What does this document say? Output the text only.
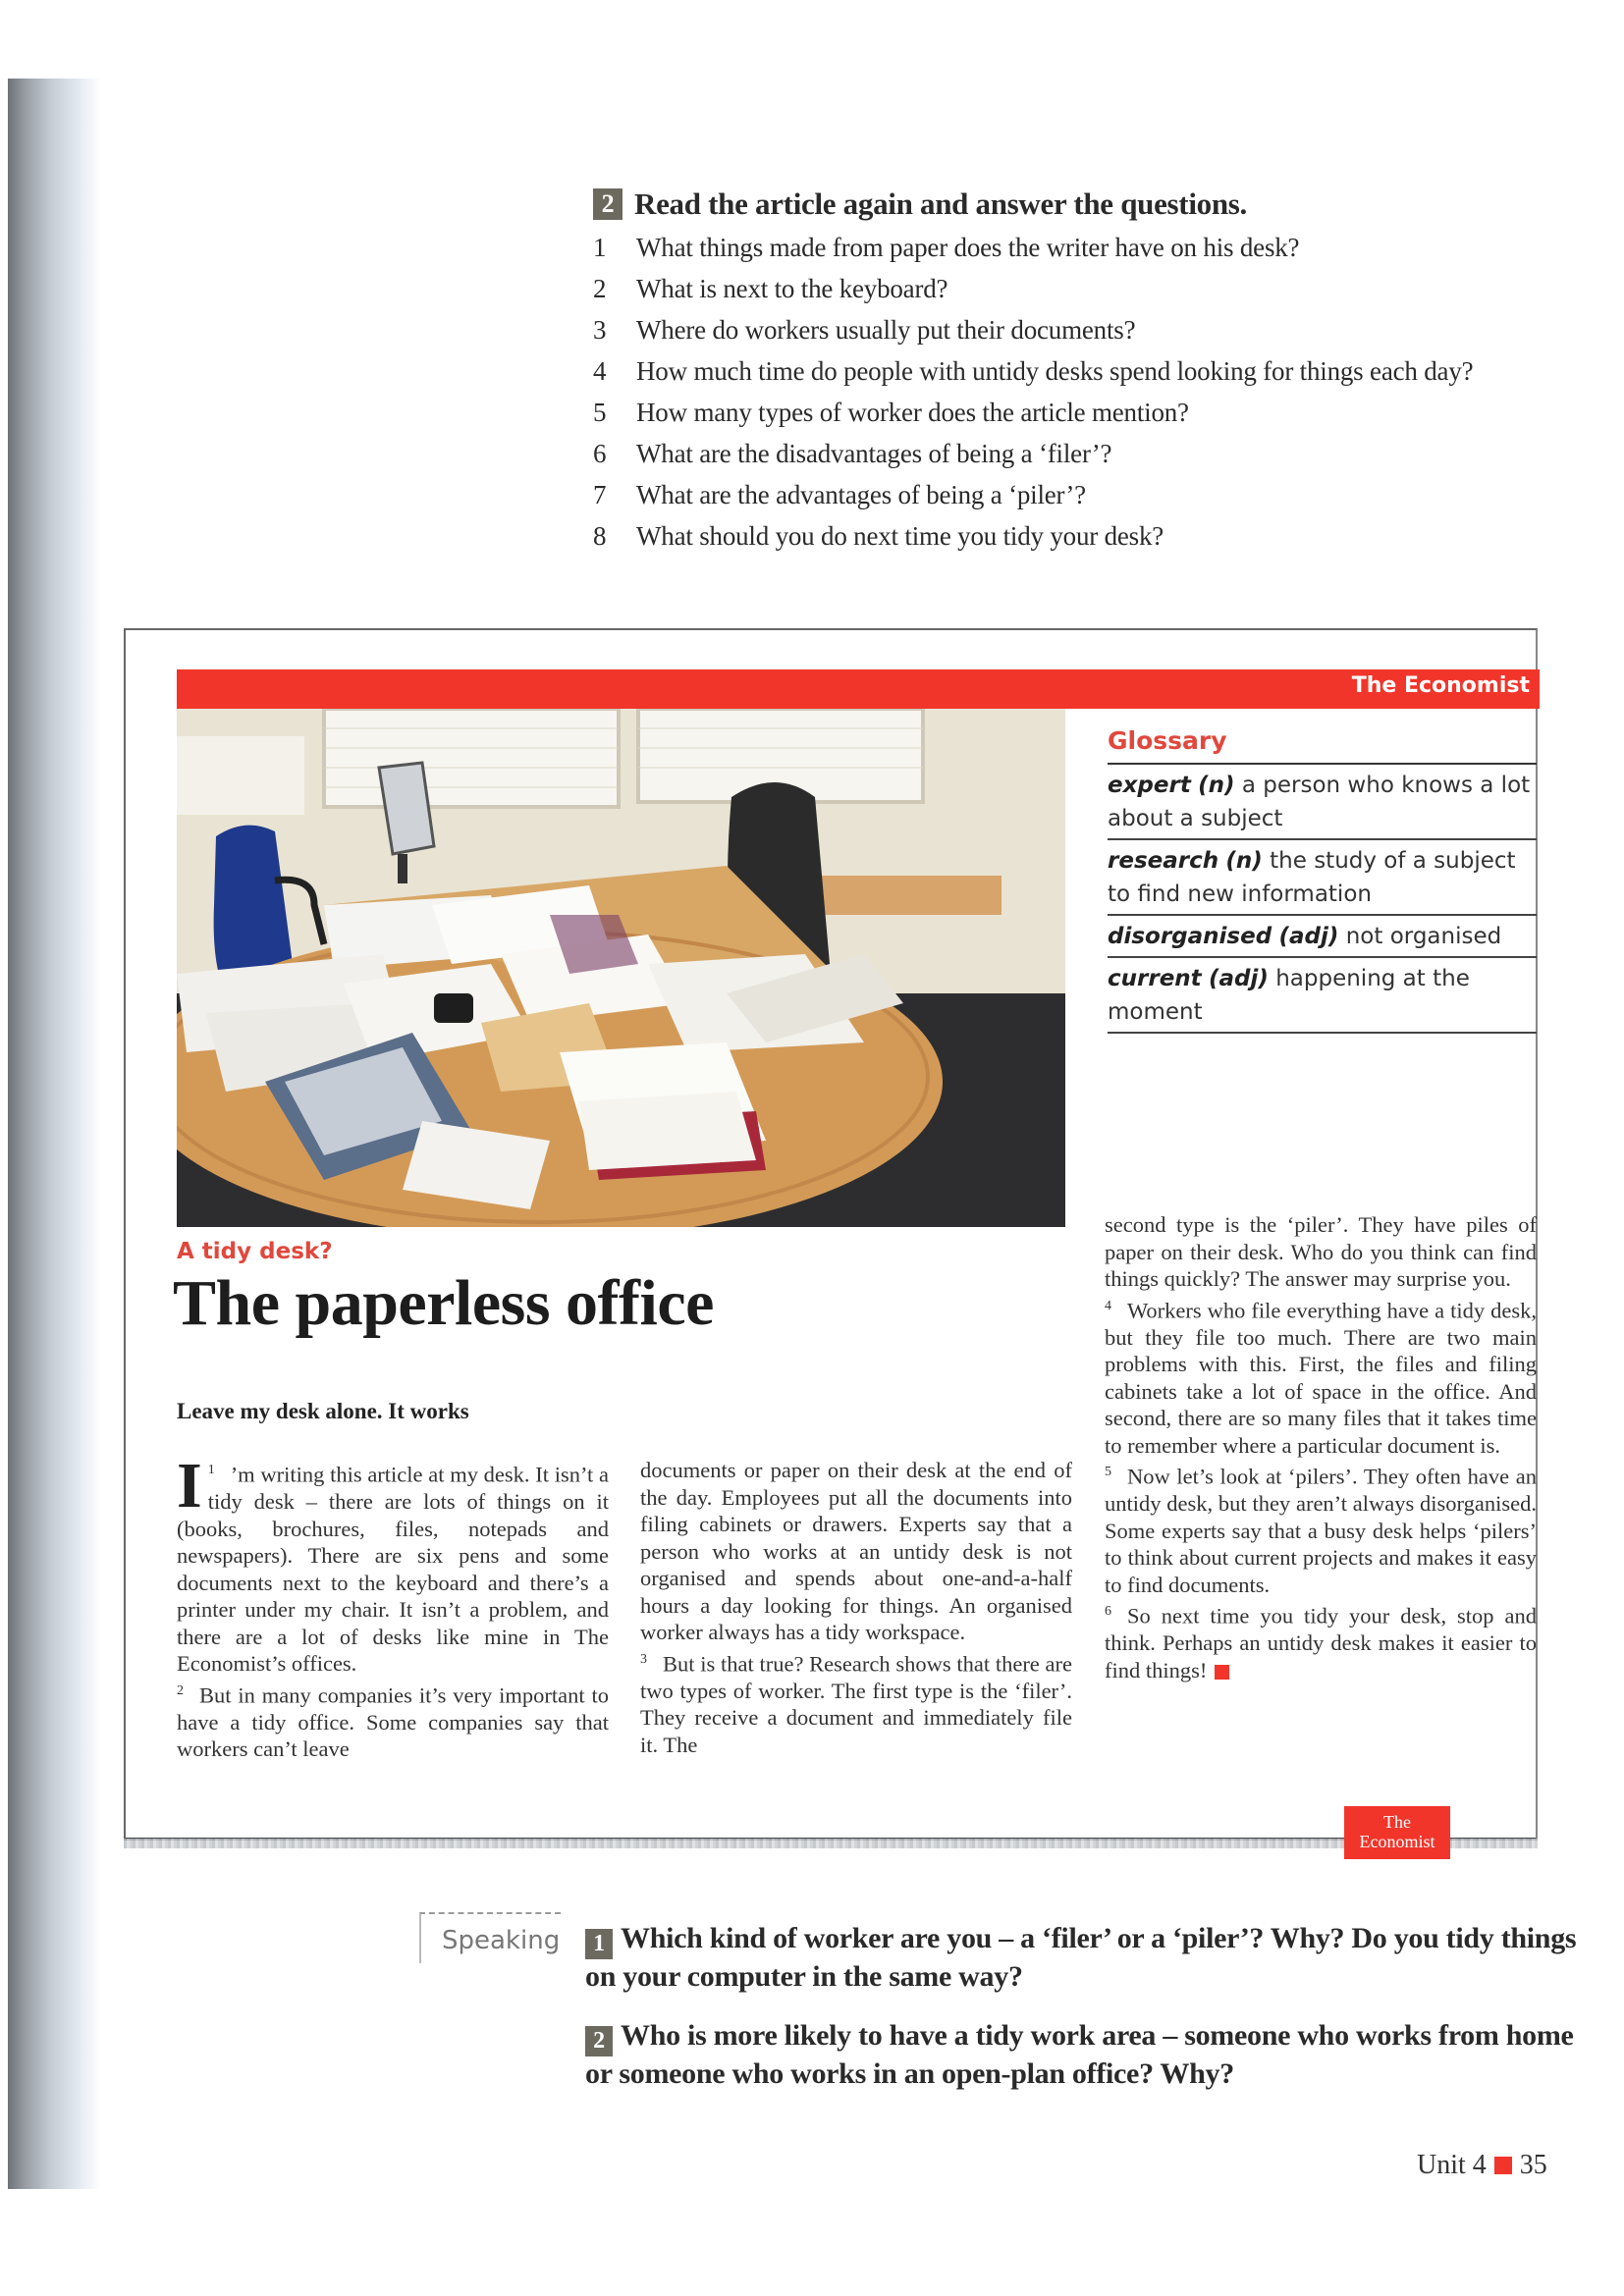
2 Read the article again and answer the questions.
1	What things made from paper does the writer have on his desk?
2	What is next to the keyboard?
3	Where do workers usually put their documents?
4	How much time do people with untidy desks spend looking for things each day?
5	How many types of worker does the article mention?
6	What are the disadvantages of being a ‘filer’?
7	What are the advantages of being a ‘piler’?
8	What should you do next time you tidy your desk?
The Economist
Glossary
expert (n) a person who knows a lot about a subject
research (n) the study of a subject to find new information
disorganised (adj) not organised
current (adj) happening at the moment
A tidy desk?
The paperless office
Leave my desk alone. It works

$^1$
I ’m writing this article at my desk. It isn’t a tidy desk – there are lots of things on it (books, brochures, files, notepads and newspapers). There are six pens and some documents next to the keyboard and there’s a printer under my chair. It isn’t a problem, and there are a lot of desks like mine in The Economist’s offices.

$^2$ But in many companies it’s very important to have a tidy office. Some companies say that workers can’t leave

documents or paper on their desk at the end of the day. Employees put all the documents into filing cabinets or drawers. Experts say that a person who works at an untidy desk is not organised and spends about one-and-a-half hours a day looking for things. An organised worker always has a tidy workspace.

$^3$ But is that true? Research shows that there are two types of worker. The first type is the ‘filer’. They receive a document and immediately file it. The

second type is the ‘piler’. They have piles of paper on their desk. Who do you think can find things quickly? The answer may surprise you.

$^4$ Workers who file everything have a tidy desk, but they file too much. There are two main problems with this. First, the files and filing cabinets take a lot of space in the office. And second, there are so many files that it takes time to remember where a particular document is.

$^5$ Now let’s look at ‘pilers’. They often have an untidy desk, but they aren’t always disorganised. Some experts say that a busy desk helps ‘pilers’ to think about current projects and makes it easy to find documents.

$^6$ So next time you tidy your desk, stop and think. Perhaps an untidy desk makes it easier to find things!

The
Economist
Speaking	1 Which kind of worker are you – a ‘filer’ or a ‘piler’? Why? Do you tidy things on your computer in the same way?
2 Who is more likely to have a tidy work area – someone who works from home or someone who works in an open-plan office? Why?
Unit 4 35
